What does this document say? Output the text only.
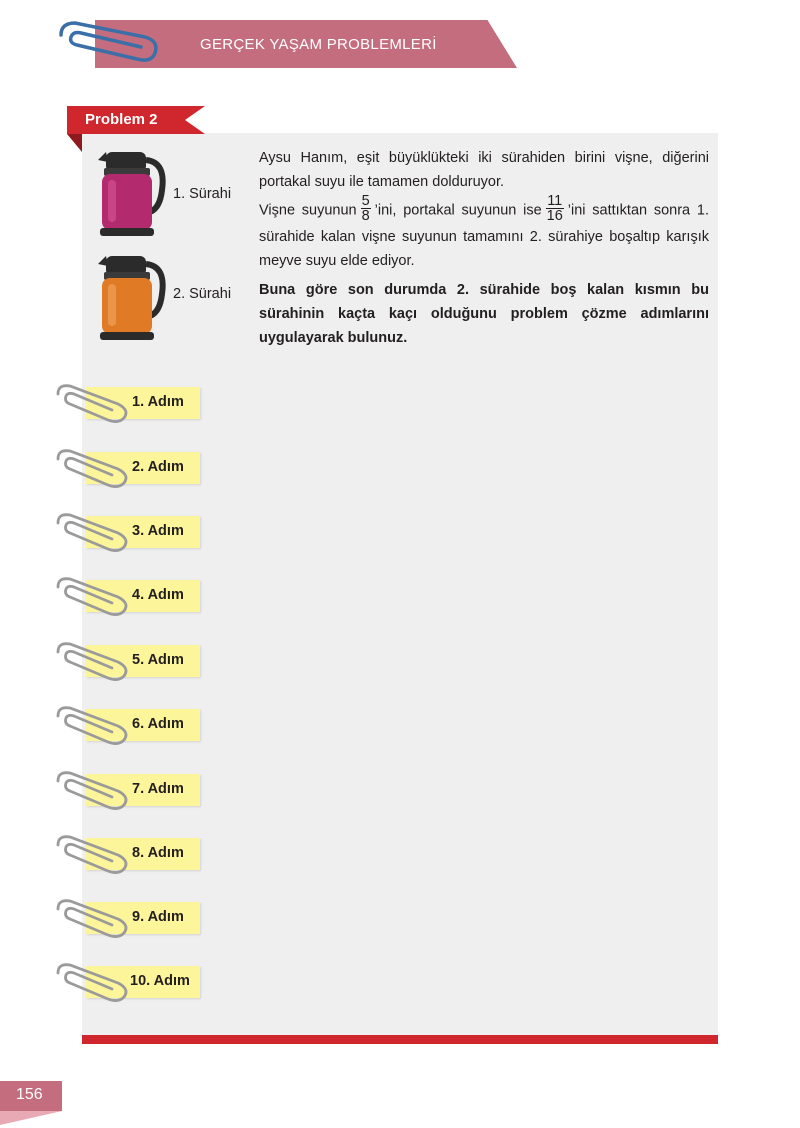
GERÇEK YAŞAM PROBLEMLERİ
Problem 2
1. Sürahi
2. Sürahi
Aysu Hanım, eşit büyüklükteki iki sürahiden birini vişne, diğerini portakal suyu ile tamamen dolduruyor.
Vişne suyunun $\frac{5}{8}$ ’ini, portakal suyunun ise $\frac{11}{16}$ ’ini sattıktan sonra 1. sürahide kalan vişne suyunun tamamını 2. sürahiye boşaltıp karışık meyve suyu elde ediyor.
Buna göre son durumda 2. sürahide boş kalan kısmın bu sürahinin kaçta kaçı olduğunu problem çözme adımlarını uygulayarak bulunuz.
1. Adım
2. Adım
3. Adım
4. Adım
5. Adım
6. Adım
7. Adım
8. Adım
9. Adım
10. Adım
156
